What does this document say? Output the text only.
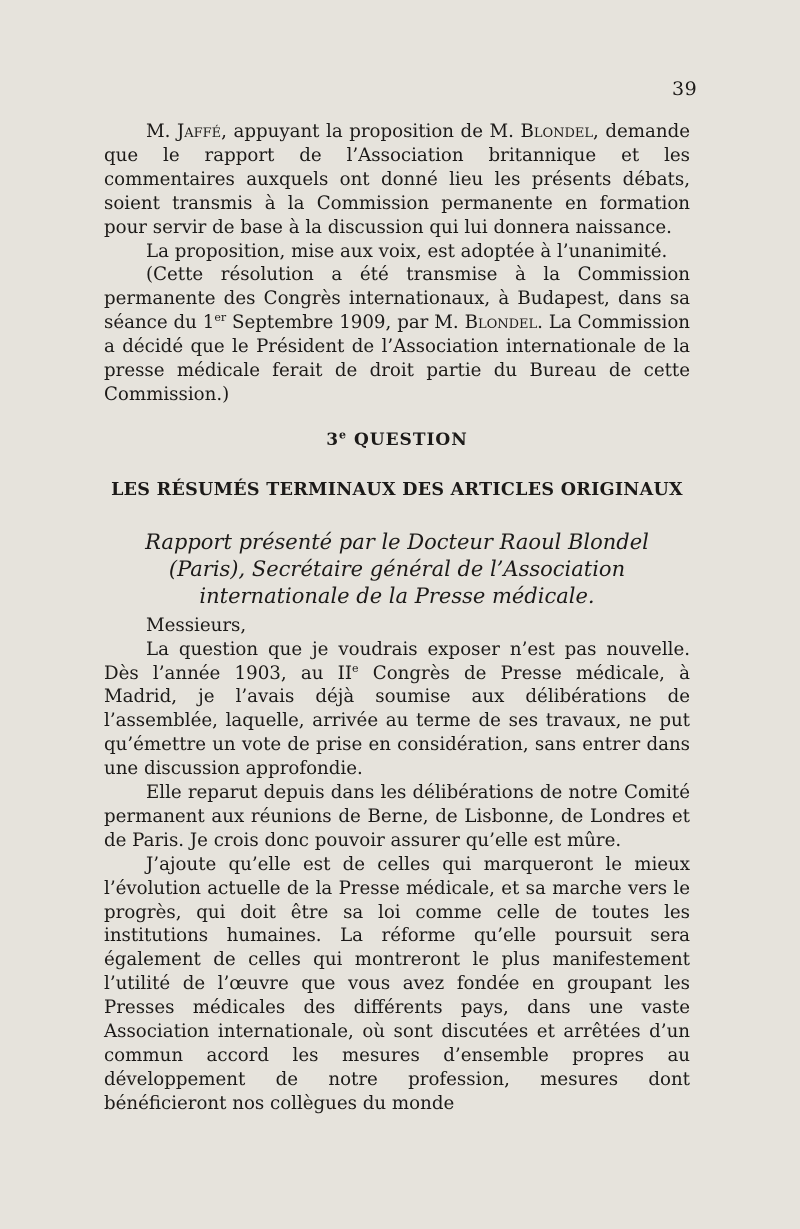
39

M. Jaffé, appuyant la proposition de M. Blondel, demande que le rapport de l’Association britannique et les commentaires auxquels ont donné lieu les présents débats, soient transmis à la Commission permanente en formation pour servir de base à la discussion qui lui donnera naissance.

La proposition, mise aux voix, est adoptée à l’unanimité.

(Cette résolution a été transmise à la Commission permanente des Congrès internationaux, à Budapest, dans sa séance du 1er Septembre 1909, par M. Blondel. La Commission a décidé que le Président de l’Association internationale de la presse médicale ferait de droit partie du Bureau de cette Commission.)

3e QUESTION
LES RÉSUMÉS TERMINAUX DES ARTICLES ORIGINAUX
Rapport présenté par le Docteur Raoul Blondel (Paris), Secrétaire général de l’Association internationale de la Presse médicale.

Messieurs,

La question que je voudrais exposer n’est pas nouvelle. Dès l’année 1903, au IIe Congrès de Presse médicale, à Madrid, je l’avais déjà soumise aux délibérations de l’assemblée, laquelle, arrivée au terme de ses travaux, ne put qu’émettre un vote de prise en considération, sans entrer dans une discussion approfondie.

Elle reparut depuis dans les délibérations de notre Comité permanent aux réunions de Berne, de Lisbonne, de Londres et de Paris. Je crois donc pouvoir assurer qu’elle est mûre.

J’ajoute qu’elle est de celles qui marqueront le mieux l’évolution actuelle de la Presse médicale, et sa marche vers le progrès, qui doit être sa loi comme celle de toutes les institutions humaines. La réforme qu’elle poursuit sera également de celles qui montreront le plus manifestement l’utilité de l’œuvre que vous avez fondée en groupant les Presses médicales des différents pays, dans une vaste Association internationale, où sont discutées et arrêtées d’un commun accord les mesures d’ensemble propres au développement de notre profession, mesures dont bénéficieront nos collègues du monde
